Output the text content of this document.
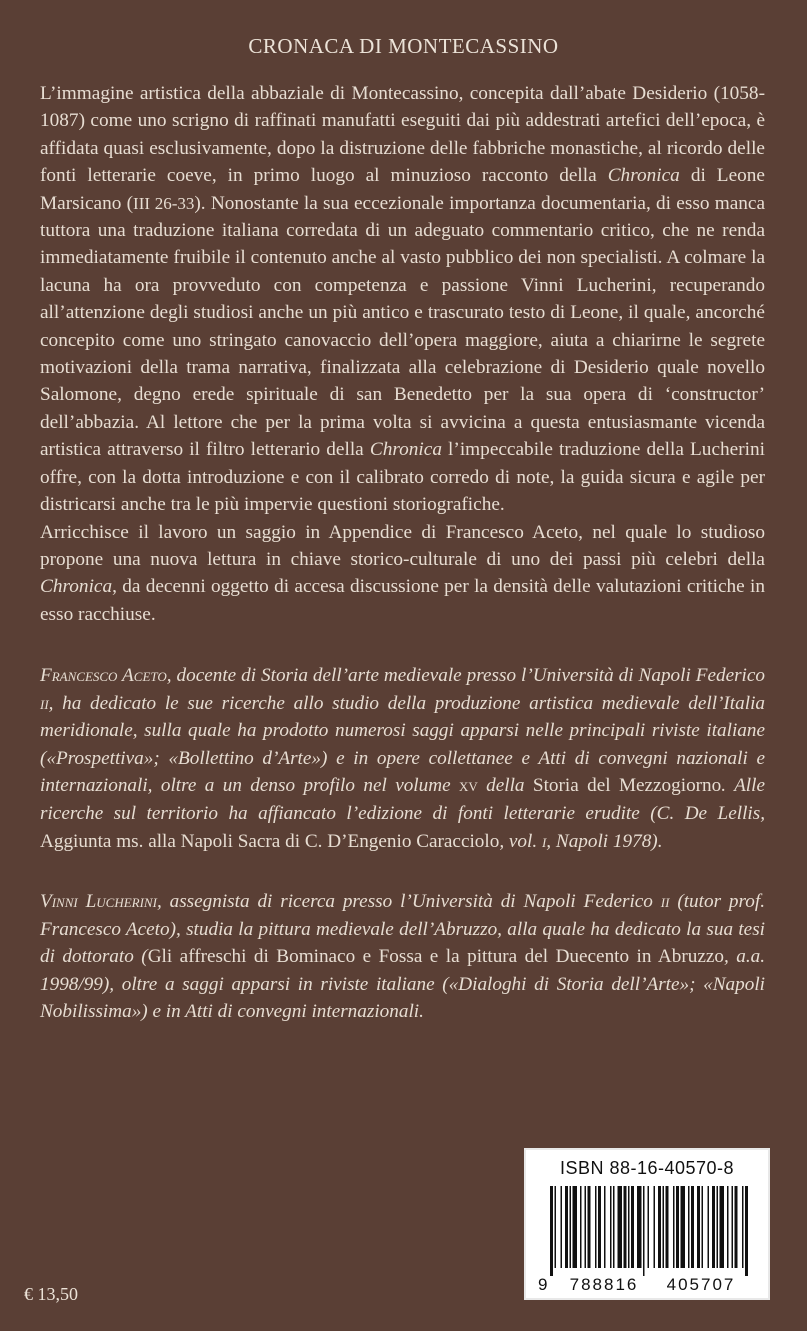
CRONACA DI MONTECASSINO

L’immagine artistica della abbaziale di Montecassino, concepita dall’abate Desiderio (1058-1087) come uno scrigno di raffinati manufatti eseguiti dai più addestrati artefici dell’epoca, è affidata quasi esclusivamente, dopo la distruzione delle fabbriche monastiche, al ricordo delle fonti letterarie coeve, in primo luogo al minuzioso racconto della Chronica di Leone Marsicano (III 26-33). Nonostante la sua eccezionale importanza documentaria, di esso manca tuttora una traduzione italiana corredata di un adeguato commentario critico, che ne renda immediatamente fruibile il contenuto anche al vasto pubblico dei non specialisti. A colmare la lacuna ha ora provveduto con competenza e passione Vinni Lucherini, recuperando all’attenzione degli studiosi anche un più antico e trascurato testo di Leone, il quale, ancorché concepito come uno stringato canovaccio dell’opera maggiore, aiuta a chiarirne le segrete motivazioni della trama narrativa, finalizzata alla celebrazione di Desiderio quale novello Salomone, degno erede spirituale di san Benedetto per la sua opera di ‘constructor’ dell’abbazia. Al lettore che per la prima volta si avvicina a questa entusiasmante vicenda artistica attraverso il filtro letterario della Chronica l’impeccabile traduzione della Lucherini offre, con la dotta introduzione e con il calibrato corredo di note, la guida sicura e agile per districarsi anche tra le più impervie questioni storiografiche.

Arricchisce il lavoro un saggio in Appendice di Francesco Aceto, nel quale lo studioso propone una nuova lettura in chiave storico-culturale di uno dei passi più celebri della Chronica, da decenni oggetto di accesa discussione per la densità delle valutazioni critiche in esso racchiuse.

Francesco Aceto, docente di Storia dell’arte medievale presso l’Università di Napoli Federico ii, ha dedicato le sue ricerche allo studio della produzione artistica medievale dell’Italia meridionale, sulla quale ha prodotto numerosi saggi apparsi nelle principali riviste italiane («Prospettiva»; «Bollettino d’Arte») e in opere collettanee e Atti di convegni nazionali e internazionali, oltre a un denso profilo nel volume xv della Storia del Mezzogiorno. Alle ricerche sul territorio ha affiancato l’edizione di fonti letterarie erudite (C. De Lellis, Aggiunta ms. alla Napoli Sacra di C. D’Engenio Caracciolo, vol. i, Napoli 1978).

Vinni Lucherini, assegnista di ricerca presso l’Università di Napoli Federico ii (tutor prof. Francesco Aceto), studia la pittura medievale dell’Abruzzo, alla quale ha dedicato la sua tesi di dottorato (Gli affreschi di Bominaco e Fossa e la pittura del Duecento in Abruzzo, a.a. 1998/99), oltre a saggi apparsi in riviste italiane («Dialoghi di Storia dell’Arte»; «Napoli Nobilissima») e in Atti di convegni internazionali.

ISBN 88-16-40570-8
9 788816 405707
€ 13,50
